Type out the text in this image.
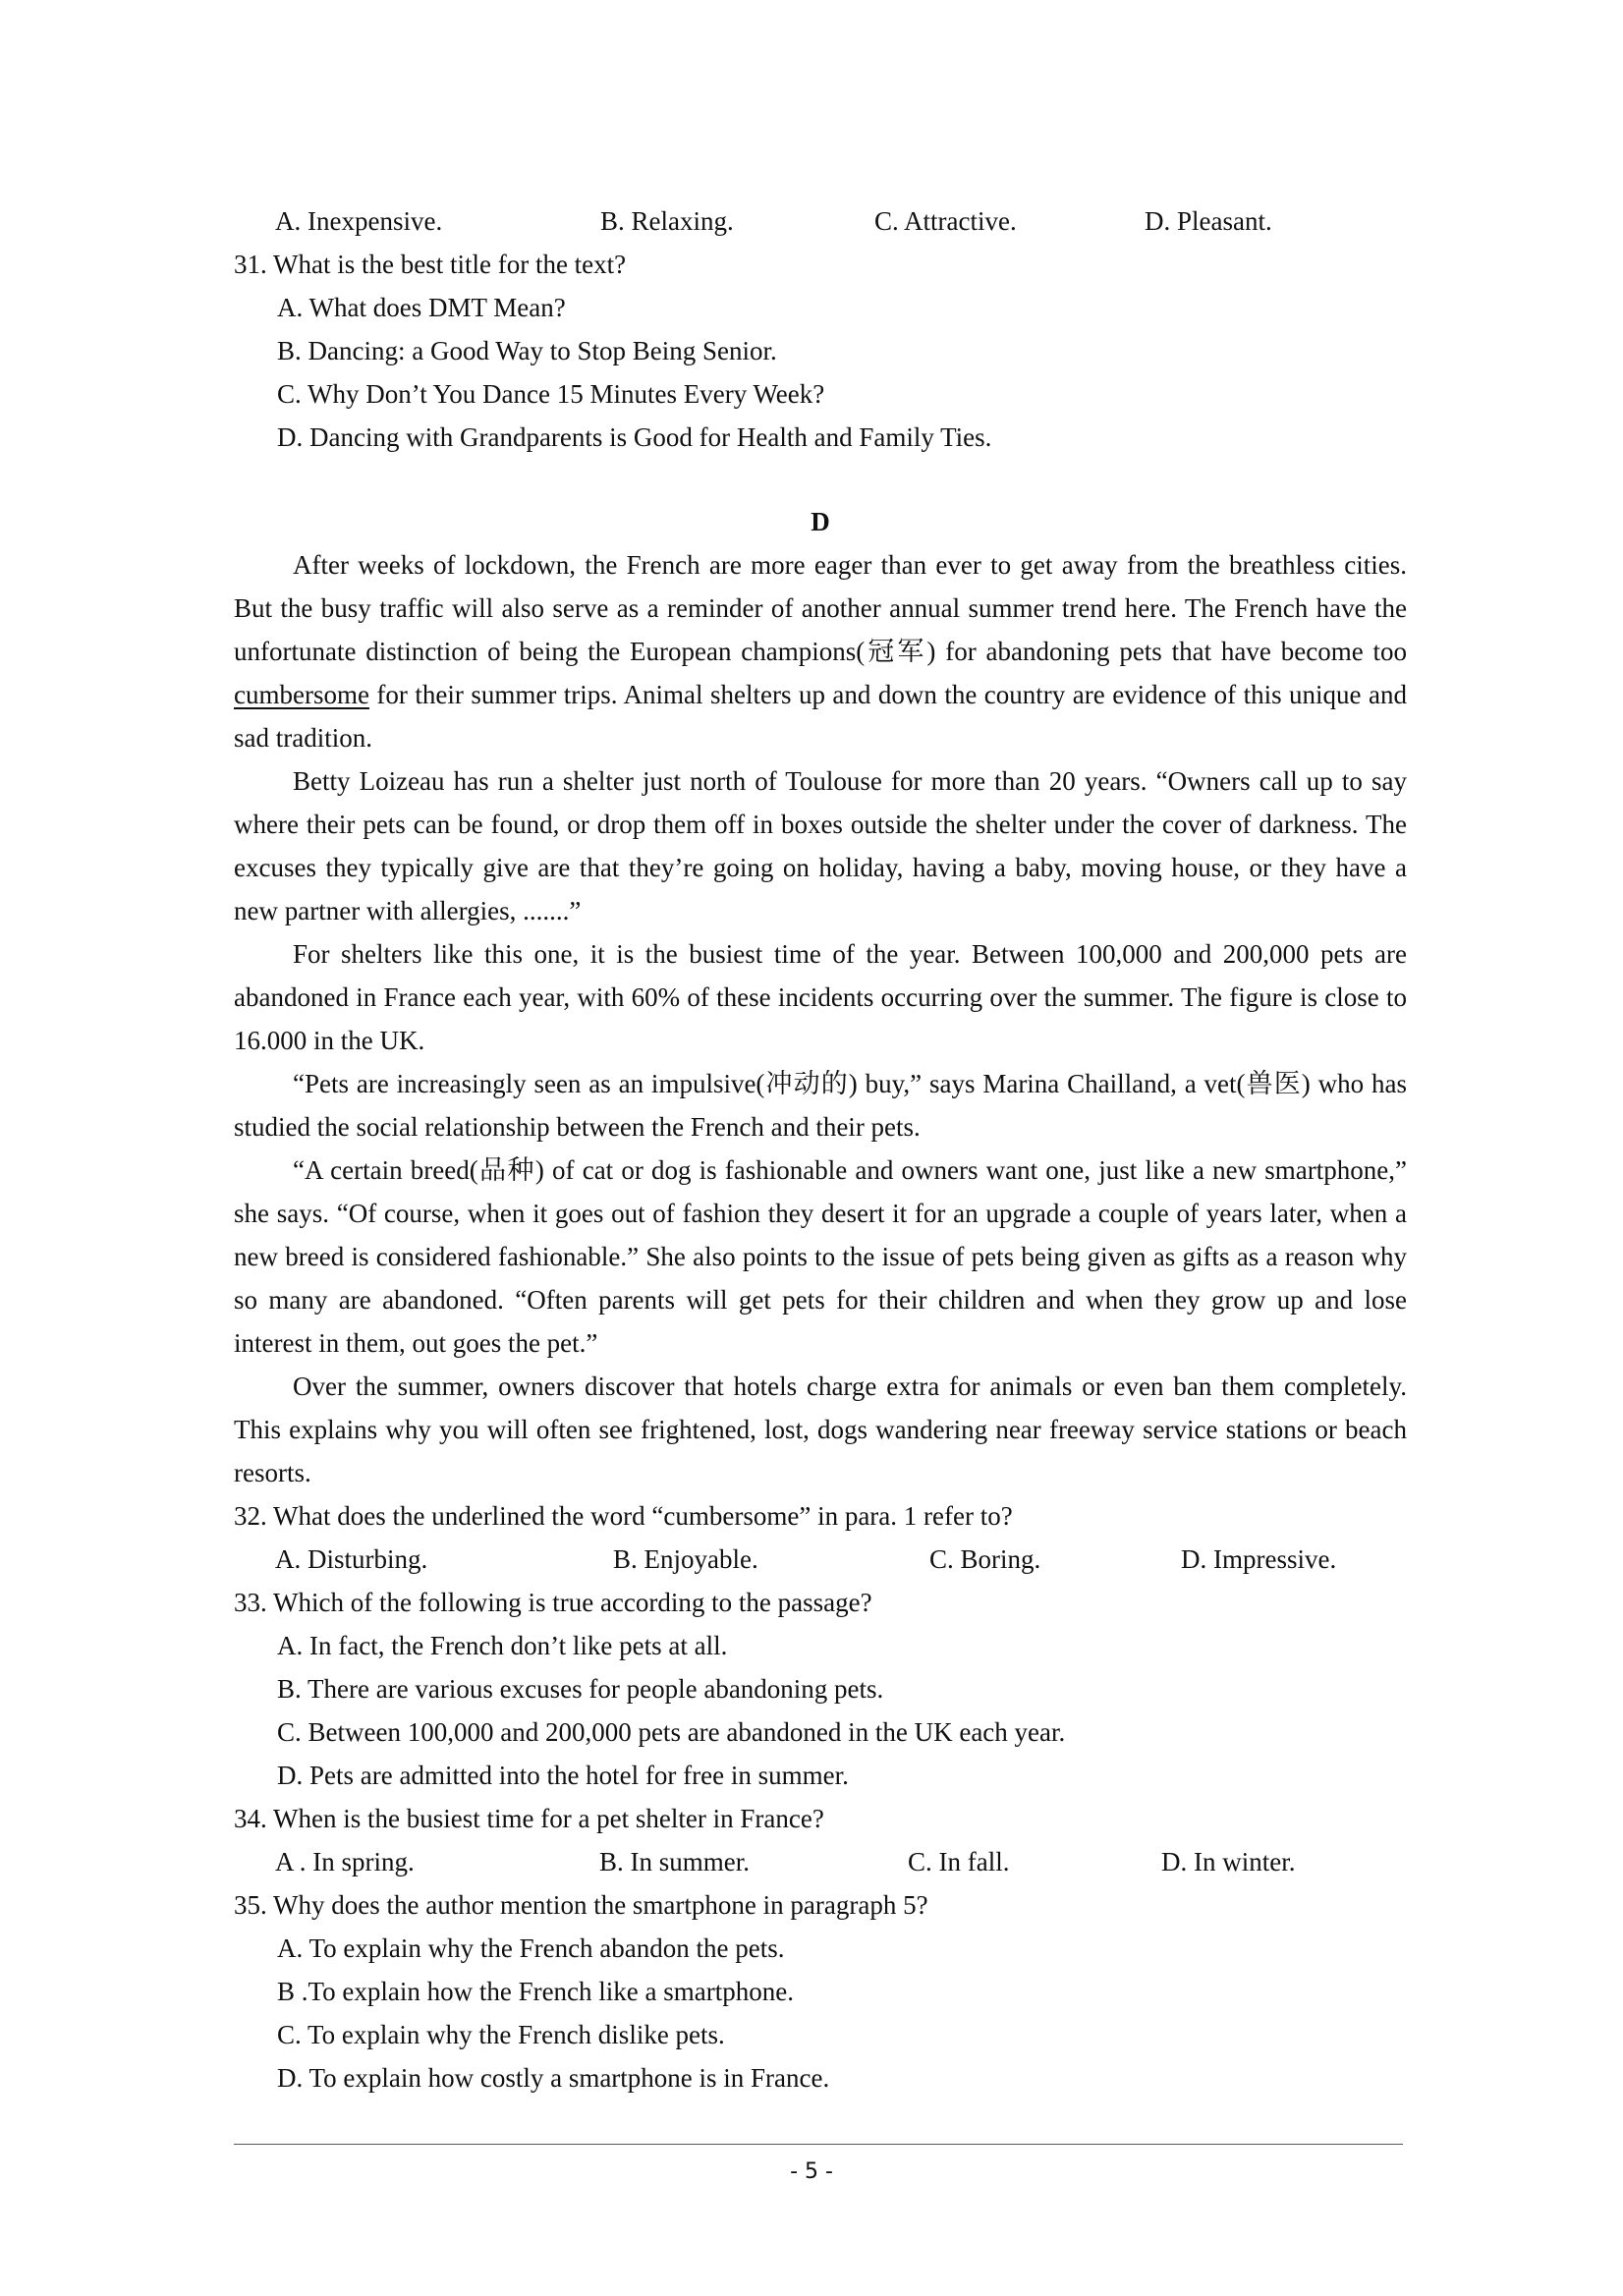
A. Inexpensive.	B. Relaxing.	C. Attractive.	D. Pleasant.
31. What is the best title for the text?
A. What does DMT Mean?
B. Dancing: a Good Way to Stop Being Senior.
C. Why Don’t You Dance 15 Minutes Every Week?
D. Dancing with Grandparents is Good for Health and Family Ties.
D
After weeks of lockdown, the French are more eager than ever to get away from the breathless cities. But the busy traffic will also serve as a reminder of another annual summer trend here. The French have the unfortunate distinction of being the European champions(冠军) for abandoning pets that have become too cumbersome for their summer trips. Animal shelters up and down the country are evidence of this unique and sad tradition.
Betty Loizeau has run a shelter just north of Toulouse for more than 20 years. “Owners call up to say where their pets can be found, or drop them off in boxes outside the shelter under the cover of darkness. The excuses they typically give are that they’re going on holiday, having a baby, moving house, or they have a new partner with allergies, .......”
For shelters like this one, it is the busiest time of the year. Between 100,000 and 200,000 pets are abandoned in France each year, with 60% of these incidents occurring over the summer. The figure is close to 16.000 in the UK.
“Pets are increasingly seen as an impulsive(冲动的) buy,” says Marina Chailland, a vet(兽医) who has studied the social relationship between the French and their pets.
“A certain breed(品种) of cat or dog is fashionable and owners want one, just like a new smartphone,” she says. “Of course, when it goes out of fashion they desert it for an upgrade a couple of years later, when a new breed is considered fashionable.” She also points to the issue of pets being given as gifts as a reason why so many are abandoned. “Often parents will get pets for their children and when they grow up and lose interest in them, out goes the pet.”
Over the summer, owners discover that hotels charge extra for animals or even ban them completely. This explains why you will often see frightened, lost, dogs wandering near freeway service stations or beach resorts.
32. What does the underlined the word “cumbersome” in para. 1 refer to?
A. Disturbing.	B. Enjoyable.	C. Boring.	D. Impressive.
33. Which of the following is true according to the passage?
A. In fact, the French don’t like pets at all.
B. There are various excuses for people abandoning pets.
C. Between 100,000 and 200,000 pets are abandoned in the UK each year.
D. Pets are admitted into the hotel for free in summer.
34. When is the busiest time for a pet shelter in France?
A . In spring.	B. In summer.	C. In fall.	D. In winter.
35. Why does the author mention the smartphone in paragraph 5?
A. To explain why the French abandon the pets.
B .To explain how the French like a smartphone.
C. To explain why the French dislike pets.
D. To explain how costly a smartphone is in France.
- 5 -
